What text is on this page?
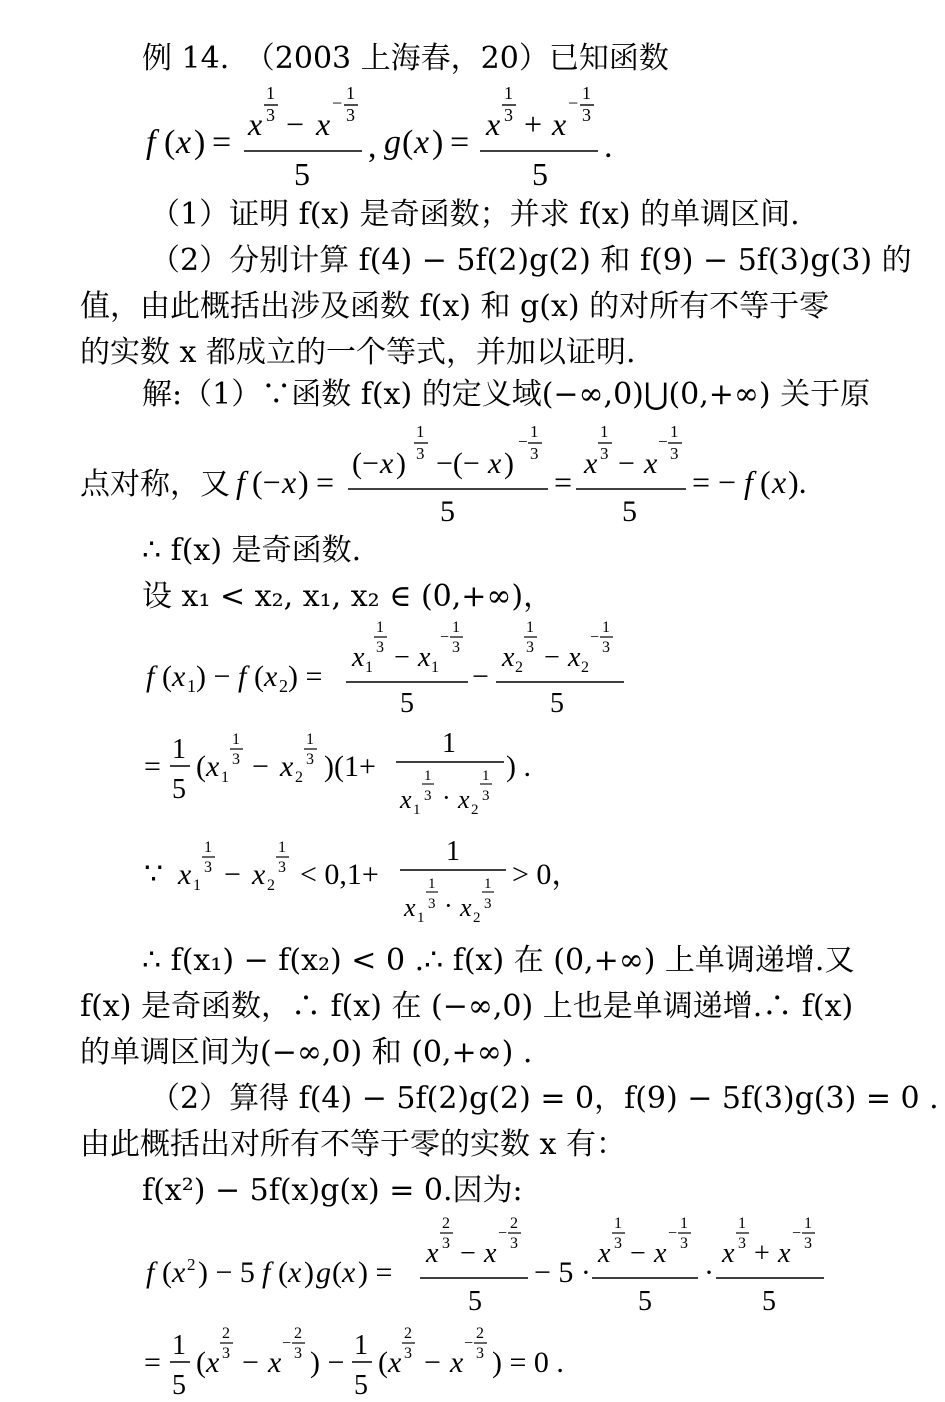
例 14. （2003 上海春，20）已知函数
f ( x ) = x
1
3 − x
− 1
3
5
, g ( x ) = x
1
3 + x
− 1
3
5
.
（1）证明 f(x) 是奇函数；并求 f(x) 的单调区间.
（2）分别计算 f(4) − 5f(2)g(2) 和 f(9) − 5f(3)g(3) 的
值，由此概括出涉及函数 f(x) 和 g(x) 的对所有不等于零
的实数 x 都成立的一个等式，并加以证明.
解:（1）∵函数 f(x) 的定义域(−∞,0)⋃(0,+∞) 关于原
点对称，又 f (− x ) =
(− x )
1
3 −(− x )
−
1
3
5
=
x
1
3 − x
−
1
3
5
= − f ( x ).
∴ f(x) 是奇函数.
设 x₁ < x₂, x₁, x₂ ∈ (0,+∞)，
f ( x 1 ) − f ( x 2 ) =
x 1
1
3 − x 1
−
1
3
5
−
x 2
1
3 − x 2
−
1
3
5
=
1
5
( x 1
1
3 − x 2
1
3 )(1+
1
x 1
1
3 · x 2
1
3
) .
∵ x 1
1
3 − x 2
1
3 < 0,1+
1
x 1
1
3 · x 2
1
3
> 0，
∴ f(x₁) − f(x₂) < 0 .∴ f(x) 在 (0,+∞) 上单调递增.又
f(x) 是奇函数，∴ f(x) 在 (−∞,0) 上也是单调递增.∴ f(x)
的单调区间为(−∞,0) 和 (0,+∞) .
（2）算得 f(4) − 5f(2)g(2) = 0，f(9) − 5f(3)g(3) = 0 .
由此概括出对所有不等于零的实数 x 有：
f(x²) − 5f(x)g(x) = 0.因为:
f ( x 2 ) − 5 f ( x ) g ( x ) =
x
2
3 − x
−
2
3
5
− 5 ·
x
1
3 − x
−
1
3
5
·
x
1
3 + x
−
1
3
5
=
1
5
( x
2
3 − x
−
2
3 ) −
1
5
( x
2
3 − x
−
2
3 ) = 0 .
